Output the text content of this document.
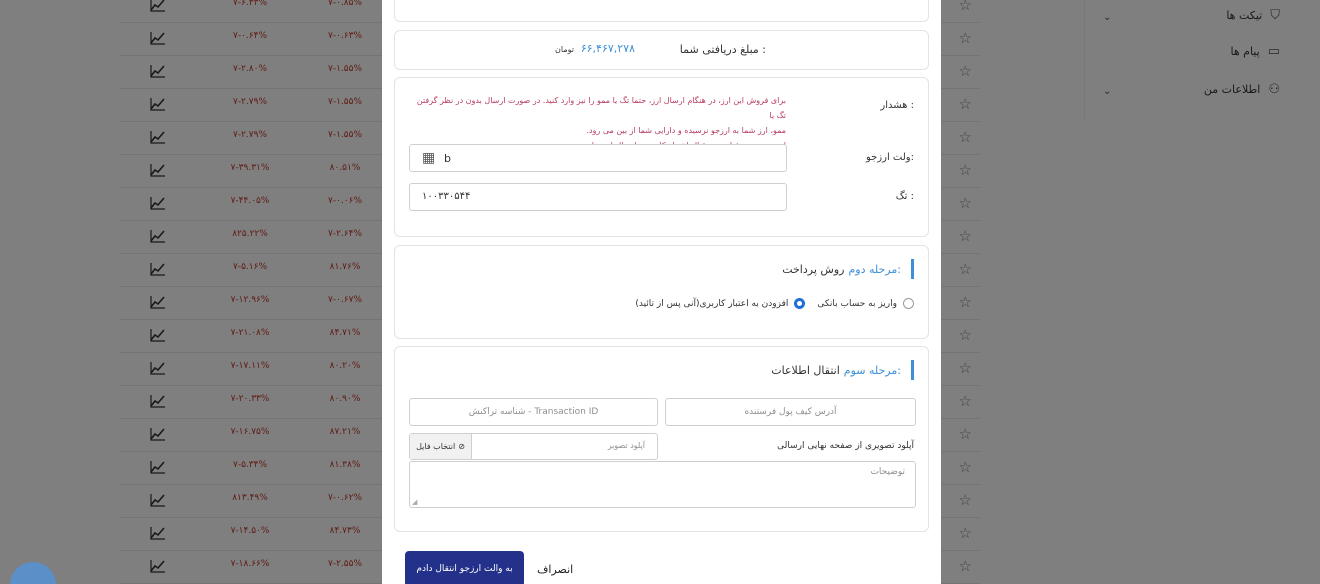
مبلغ دریافتی شما :
۶۶,۴۶۷,۲۷۸
تومان
هشدار :
برای فروش این ارز، در هنگام ارسال ارز، حتما تگ یا ممو را نیز وارد کنید. در صورت ارسال بدون در نظر گرفتن تگ یا
ممو، ارز شما به ارزجو نرسیده و دارایی شما از بین می رود.
ولت ارزجو:
▦ b
تگ :
۱۰۰۳۳۰۵۴۴
روش پرداخت مرحله دوم:
واریز به حساب بانکی
افزودن به اعتبار کاربری(آنی پس از تائید)
انتقال اطلاعات مرحله سوم:
آدرس کیف پول فرستنده
شناسه تراکنش - Transaction ID
آپلود تصویری از صفحه نهایی ارسالی
آپلود تصویر
انتخاب فایل ⊘
توضیحات
◢
به والت ارزجو انتقال دادم	انصراف
